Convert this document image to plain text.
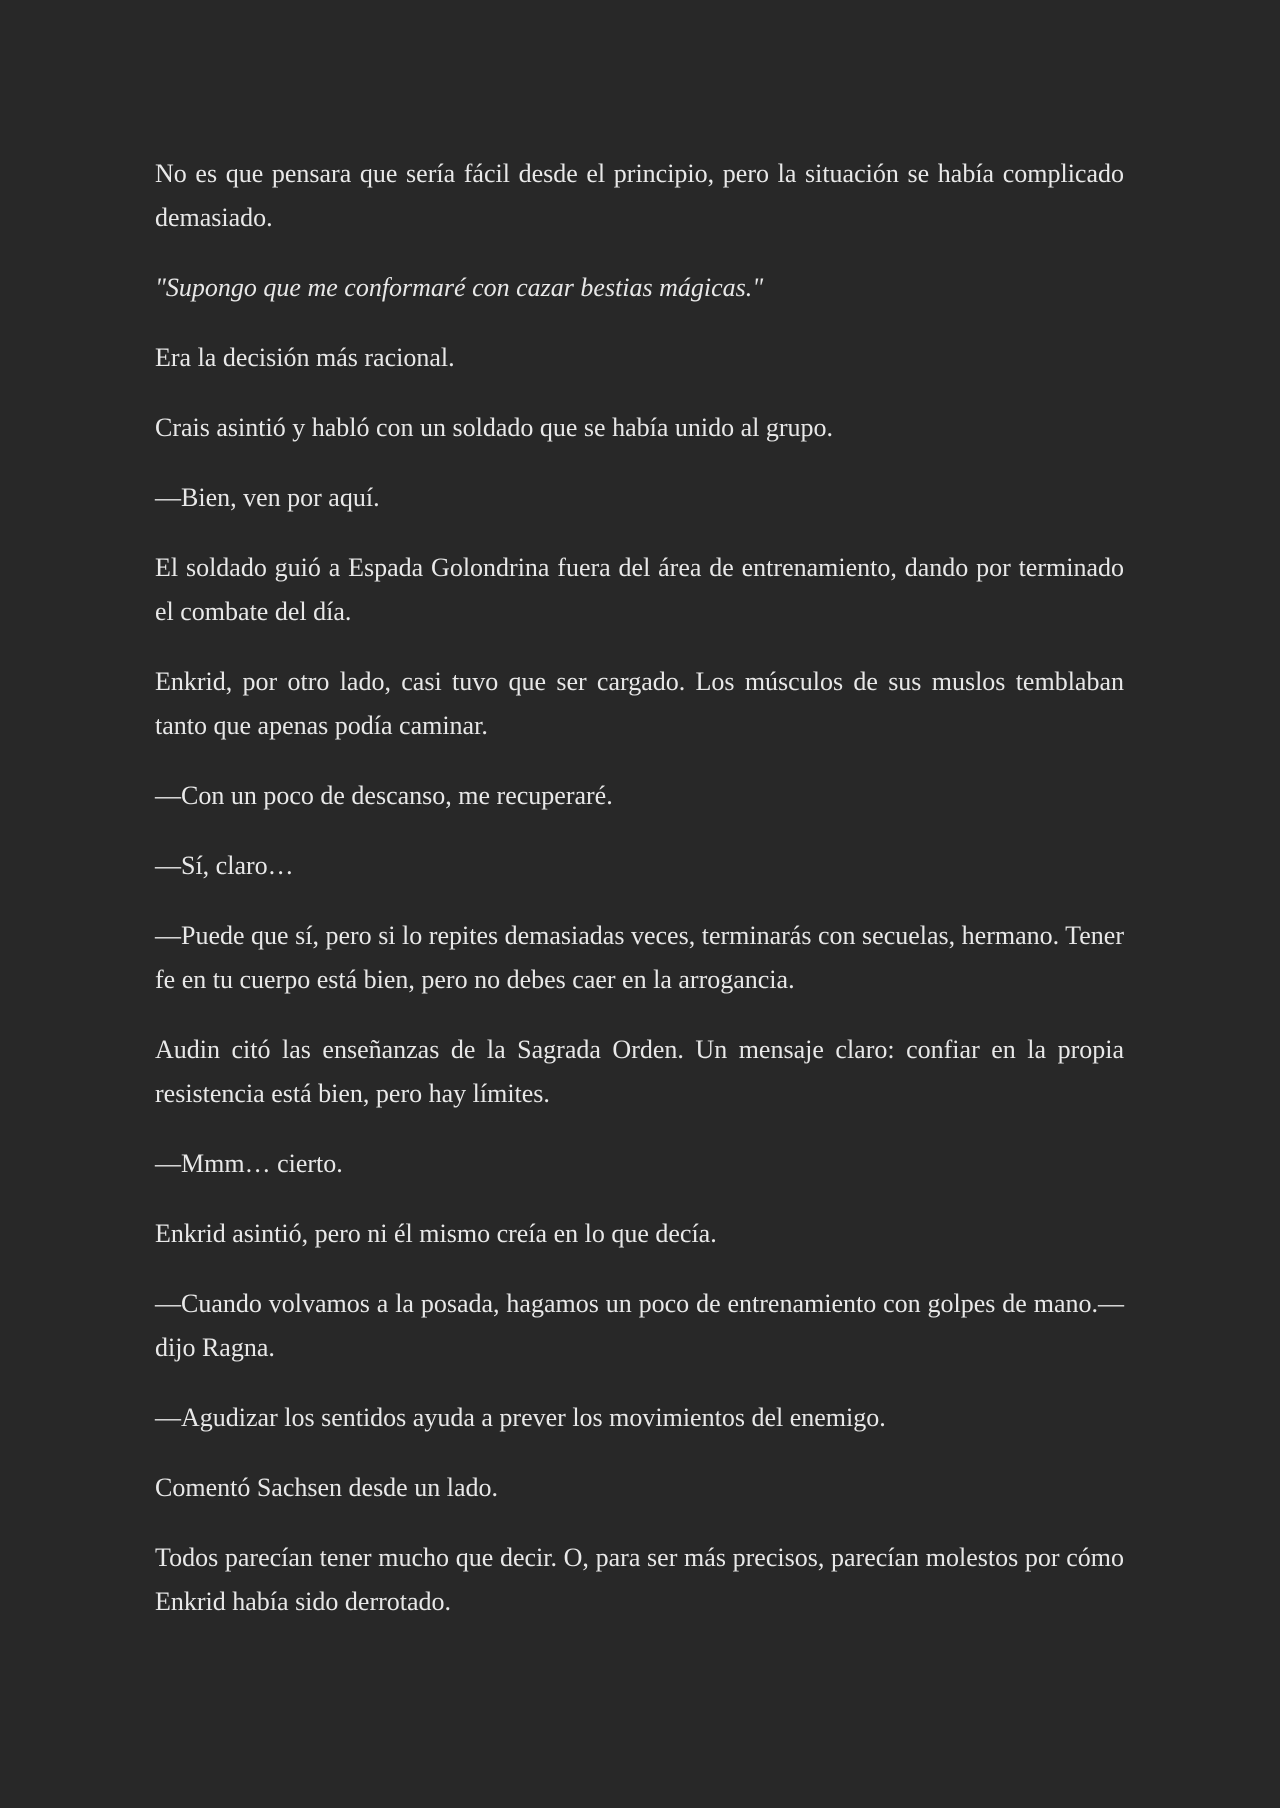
No es que pensara que sería fácil desde el principio, pero la situación se había complicado demasiado.

"Supongo que me conformaré con cazar bestias mágicas."

Era la decisión más racional.

Crais asintió y habló con un soldado que se había unido al grupo.

—Bien, ven por aquí.

El soldado guió a Espada Golondrina fuera del área de entrenamiento, dando por terminado el combate del día.

Enkrid, por otro lado, casi tuvo que ser cargado. Los músculos de sus muslos temblaban tanto que apenas podía caminar.

—Con un poco de descanso, me recuperaré.

—Sí, claro…

—Puede que sí, pero si lo repites demasiadas veces, terminarás con secuelas, hermano. Tener fe en tu cuerpo está bien, pero no debes caer en la arrogancia.

Audin citó las enseñanzas de la Sagrada Orden. Un mensaje claro: confiar en la propia resistencia está bien, pero hay límites.

—Mmm… cierto.

Enkrid asintió, pero ni él mismo creía en lo que decía.

—Cuando volvamos a la posada, hagamos un poco de entrenamiento con golpes de mano.—dijo Ragna.

—Agudizar los sentidos ayuda a prever los movimientos del enemigo.

Comentó Sachsen desde un lado.

Todos parecían tener mucho que decir. O, para ser más precisos, parecían molestos por cómo Enkrid había sido derrotado.
